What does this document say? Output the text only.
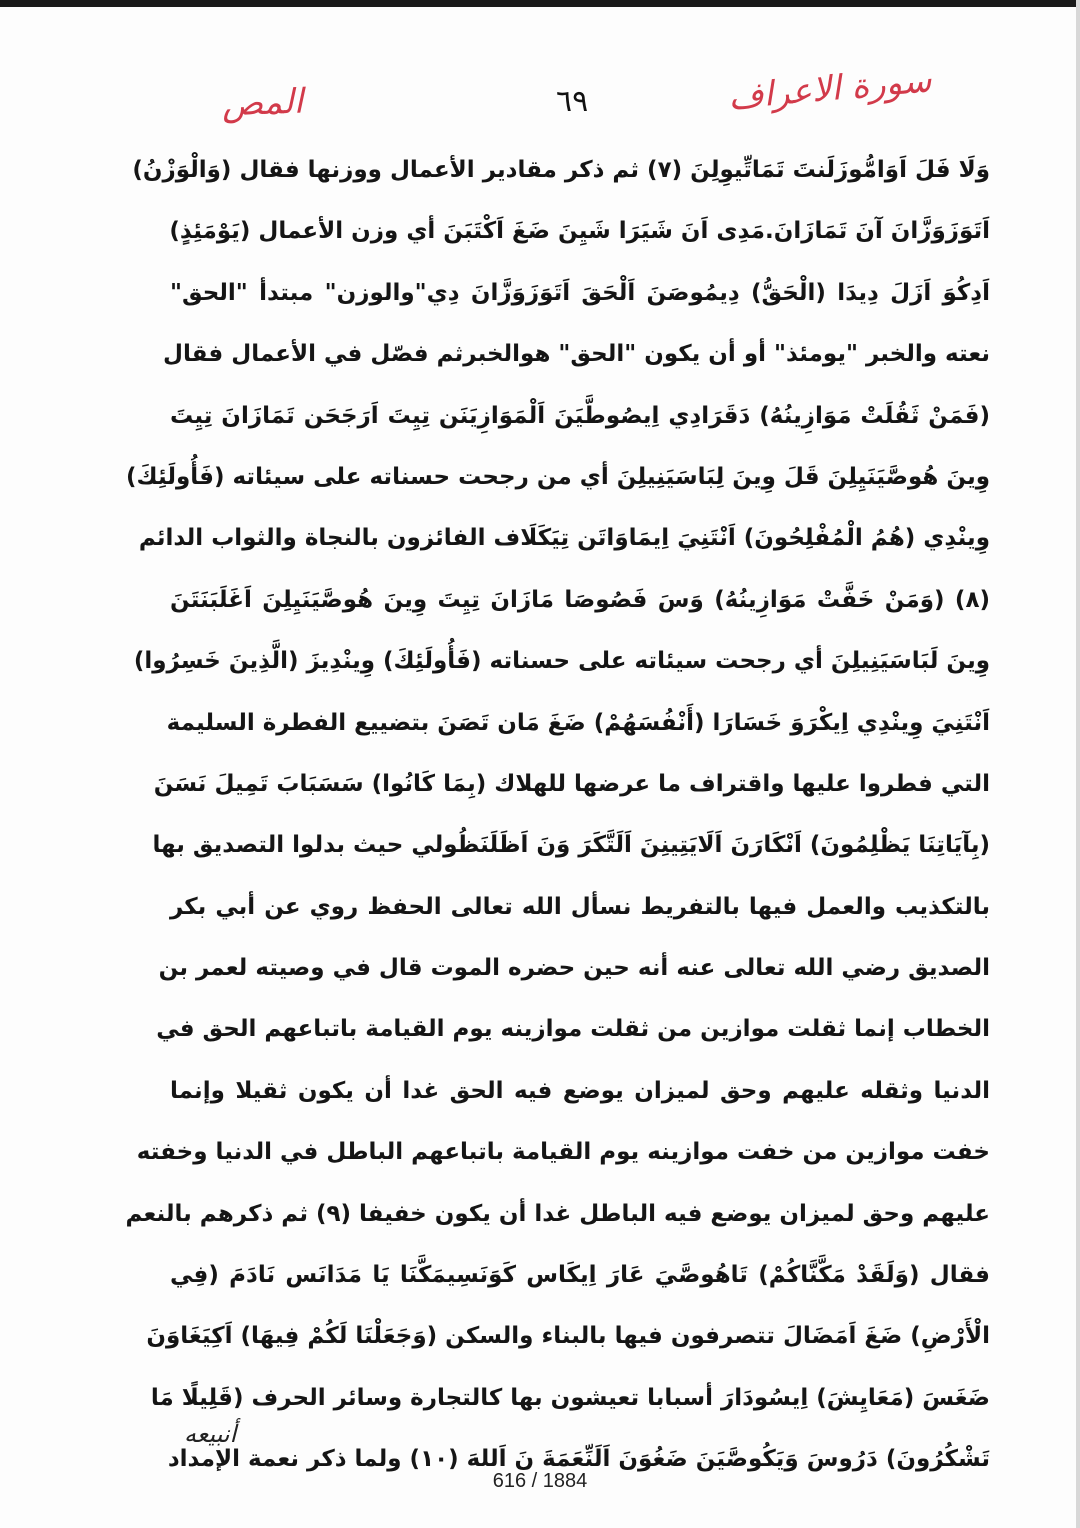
المص	٦٩	سورة الاعراف
وَلَا فَلَ اَوَامُّوزَلَنتَ تَمَاتِّيوِلِنَ (٧) ثم ذكر مقادير الأعمال ووزنها فقال (وَالْوَزْنُ)
اَتَوَزَوَزَّانَ آنَ تَمَازَانَ.مَدِى اَنَ شَيَرَا شَيِنَ ضَغَ اَكْتَبَنَ أي وزن الأعمال (يَوْمَئِذٍ)
اَدِكُوَ اَزَلَ دِيدَا (الْحَقُّ) دِيمُوصَنَ اَلْحَقَ اَتَوَزَوَزَّانَ دِي"والوزن" مبتدأ "الحق"
نعته والخبر "يومئذ" أو أن يكون "الحق" هوالخبرثم فصّل في الأعمال فقال
(فَمَنْ ثَقُلَتْ مَوَازِينُهُ) دَقَرَادِي اِيصُوطَّيَنَ اَلْمَوَازِيَنَن تِيِتَ اَرَجَحَن تَمَازَانَ تِيِتَ
وِينَ هُوصَّيَنَيِلِنَ قَلَ وِينَ لِبَاسَيَنِيلِنَ أي من رجحت حسناته على سيئاته (فَأُولَئِكَ)
وِينْدِي (هُمُ الْمُفْلِحُونَ) اَنْتَنِيَ اِيمَاوَاتَن تِيَكَلَاف الفائزون بالنجاة والثواب الدائم
(٨) (وَمَنْ خَفَّتْ مَوَازِينُهُ) وَسَ فَصُوصَا مَازَانَ تِيِتَ وِينَ هُوصَّيَنَيِلِنَ اَغَلَبَنَتَنَ
وِينَ لَبَاسَيَنِيلِنَ أي رجحت سيئاته على حسناته (فَأُولَئِكَ) وِينْدِيزَ (الَّذِينَ خَسِرُوا)
اَنْتَنِيَ وِينْدِي اِيكْرَوَ خَسَارَا (أَنْفُسَهُمْ) ضَغَ مَان تَصَنَ بتضييع الفطرة السليمة
التي فطروا عليها واقتراف ما عرضها للهلاك (بِمَا كَانُوا) سَسَبَابَ تَمِيلَ نَسَنَ
(بِآيَاتِنَا يَظْلِمُونَ) اَنْكَارَنَ اَلَايَتِينِنَ اَلَتَّكَرَ وَنَ اَظَلَنَظُولي حيث بدلوا التصديق بها
بالتكذيب والعمل فيها بالتفريط نسأل الله تعالى الحفظ روي عن أبي بكر
الصديق رضي الله تعالى عنه أنه حين حضره الموت قال في وصيته لعمر بن
الخطاب إنما ثقلت موازين من ثقلت موازينه يوم القيامة باتباعهم الحق في
الدنيا وثقله عليهم وحق لميزان يوضع فيه الحق غدا أن يكون ثقيلا وإنما
خفت موازين من خفت موازينه يوم القيامة باتباعهم الباطل في الدنيا وخفته
عليهم وحق لميزان يوضع فيه الباطل غدا أن يكون خفيفا (٩) ثم ذكرهم بالنعم
فقال (وَلَقَدْ مَكَّنَّاكُمْ) تَاهُوصَّيَ عَارَ اِيكَاس كَوَنَسِيمَكَّنَا يَا مَدَانَس نَادَمَ (فِي
الْأَرْضِ) ضَغَ اَمَضَالَ تتصرفون فيها بالبناء والسكن (وَجَعَلْنَا لَكُمْ فِيهَا) اَكِيَغَاوَنَ
ضَغَسَ (مَعَايِشَ) اِيسُودَارَ أسبابا تعيشون بها كالتجارة وسائر الحرف (قَلِيلًا مَا
تَشْكُرُونَ) دَرُوسَ وَيَكُوصَّيَنَ ضَغُوَنَ اَلَنِّعَمَةَ نَ اَللهَ (١٠) ولما ذكر نعمة الإمداد
أنبيعه
616 / 1884
